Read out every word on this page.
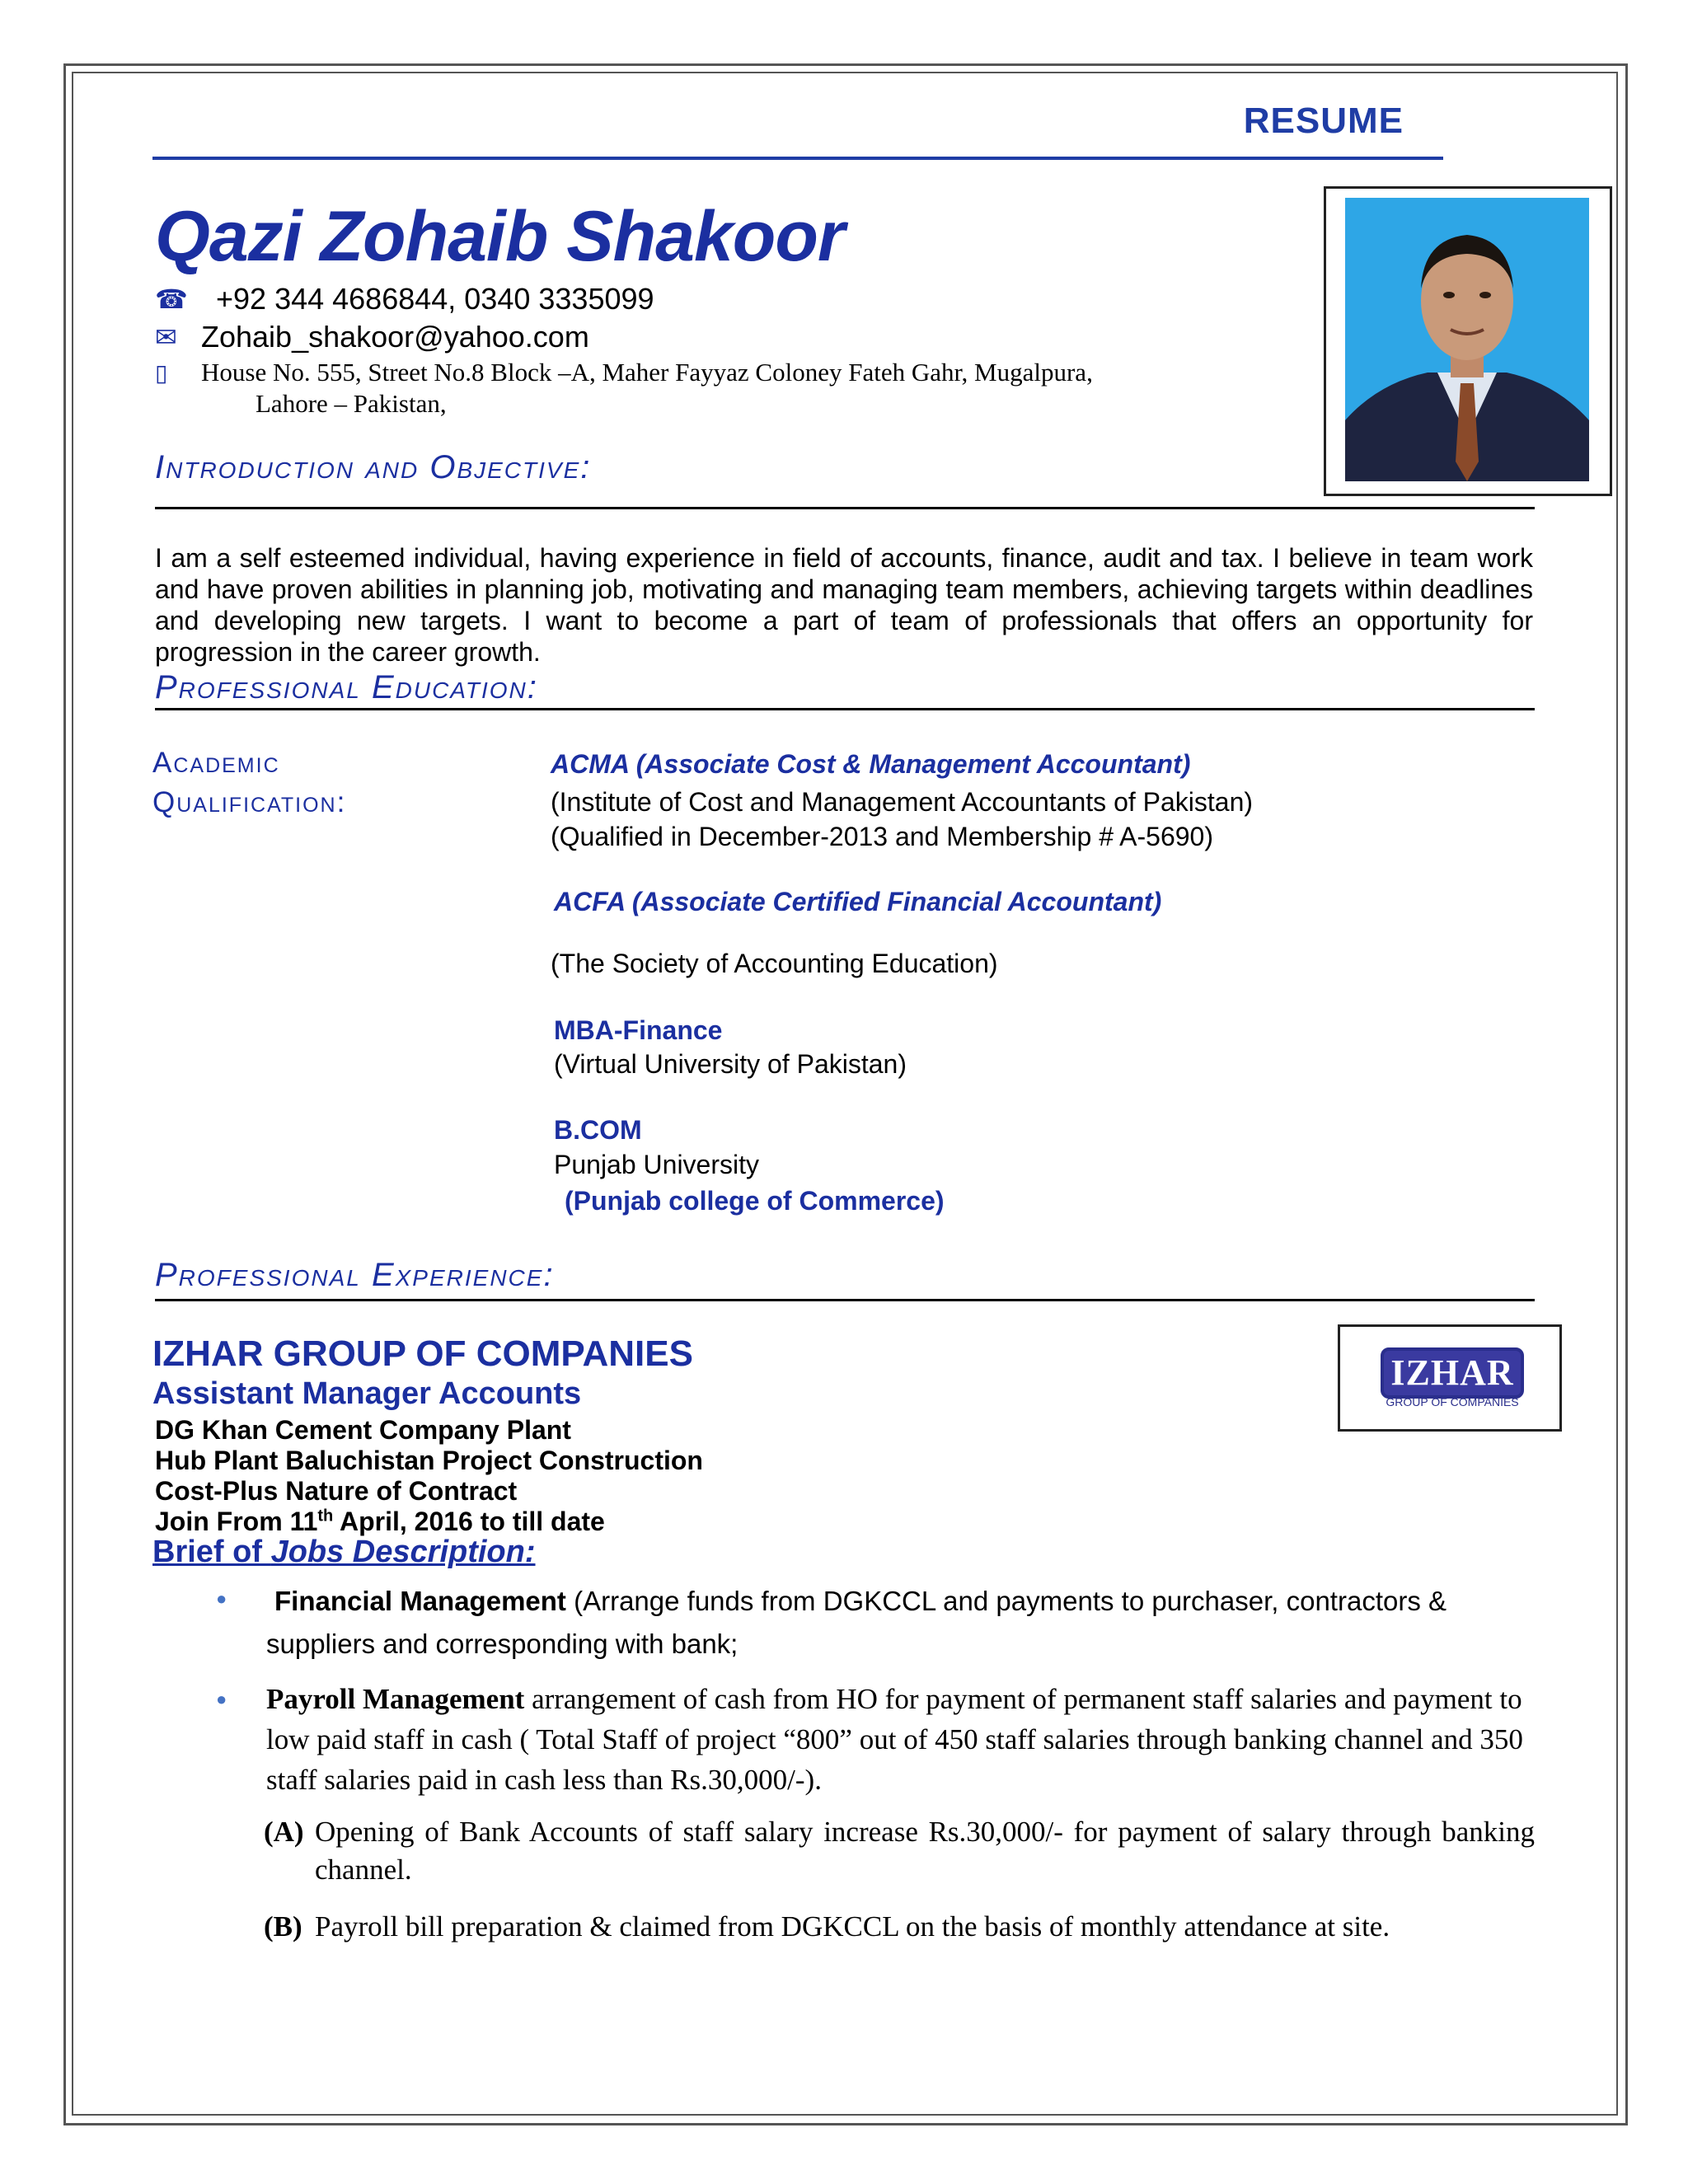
RESUME
Qazi Zohaib Shakoor
☎ +92 344 4686844, 0340 3335099
✉ Zohaib_shakoor@yahoo.com
▯	House No. 555, Street No.8 Block –A, Maher Fayyaz Coloney Fateh Gahr, Mugalpura,
Lahore – Pakistan,
Introduction and Objective:
I am a self esteemed individual, having experience in field of accounts, finance, audit and tax. I believe in team work and have proven abilities in planning job, motivating and managing team members, achieving targets within deadlines and developing new targets. I want to become a part of team of professionals that offers an opportunity for progression in the career growth.
Professional Education:
Academic
Qualification:
ACMA (Associate Cost & Management Accountant)
(Institute of Cost and Management Accountants of Pakistan)
(Qualified in December-2013 and Membership # A-5690)
ACFA (Associate Certified Financial Accountant)
(The Society of Accounting Education)
MBA-Finance
(Virtual University of Pakistan)
B.COM
Punjab University
(Punjab college of Commerce)
Professional Experience:
IZHAR GROUP OF COMPANIES
Assistant Manager Accounts
DG Khan Cement Company Plant
Hub Plant Baluchistan Project Construction
Cost-Plus Nature of Contract
Join From 11th April, 2016 to till date
Brief of Jobs Description:
IZHAR
GROUP OF COMPANIES
●	Financial Management (Arrange funds from DGKCCL and payments to purchaser, contractors & suppliers and corresponding with bank;
● Payroll Management arrangement of cash from HO for payment of permanent staff salaries and payment to low paid staff in cash ( Total Staff of project “800” out of 450 staff salaries through banking channel and 350 staff salaries paid in cash less than Rs.30,000/-).
(A) Opening of Bank Accounts of staff salary increase Rs.30,000/- for payment of salary through banking channel.
(B) Payroll bill preparation & claimed from DGKCCL on the basis of monthly attendance at site.
